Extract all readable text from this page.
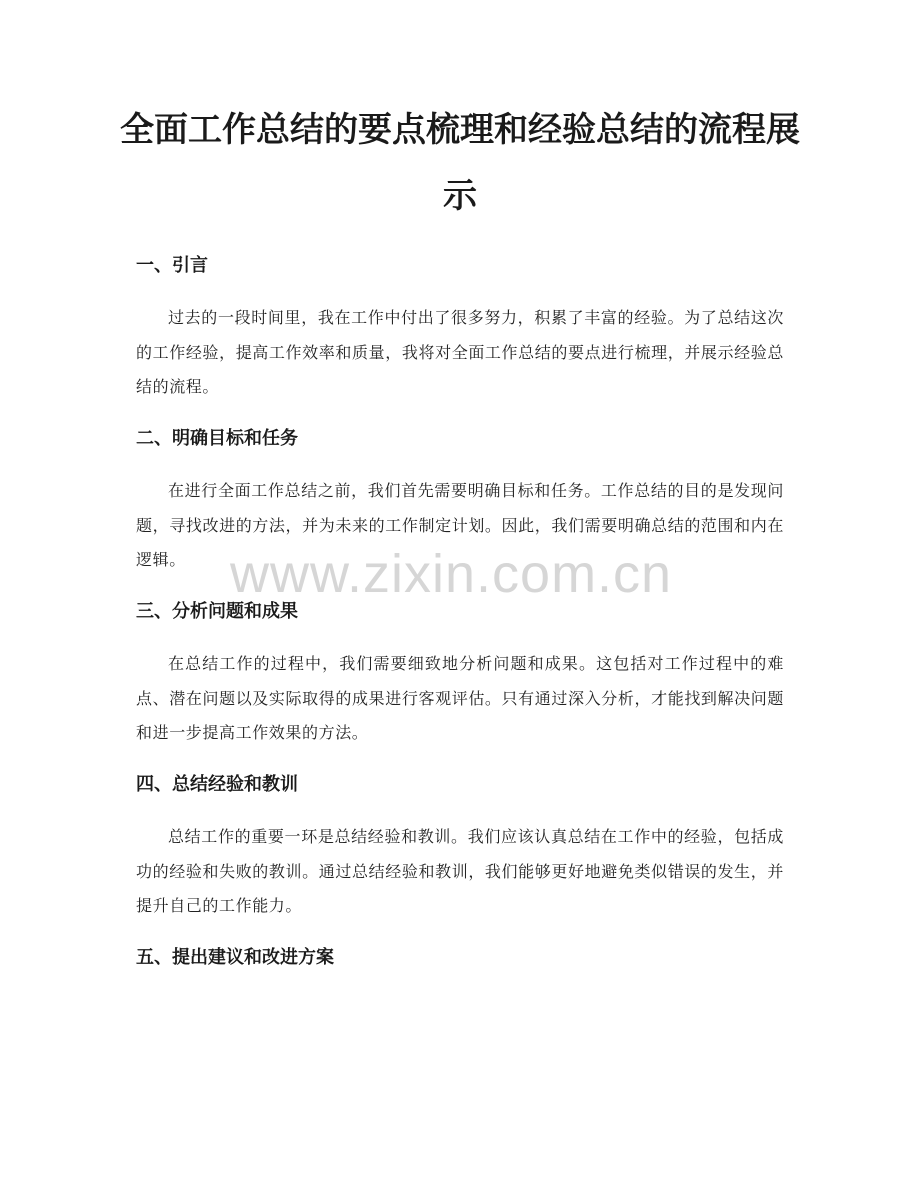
全面工作总结的要点梳理和经验总结的流程展示
www.zixin.com.cn
一、引言

过去的一段时间里，我在工作中付出了很多努力，积累了丰富的经验。为了总结这次的工作经验，提高工作效率和质量，我将对全面工作总结的要点进行梳理，并展示经验总结的流程。

二、明确目标和任务

在进行全面工作总结之前，我们首先需要明确目标和任务。工作总结的目的是发现问题，寻找改进的方法，并为未来的工作制定计划。因此，我们需要明确总结的范围和内在逻辑。

三、分析问题和成果

在总结工作的过程中，我们需要细致地分析问题和成果。这包括对工作过程中的难点、潜在问题以及实际取得的成果进行客观评估。只有通过深入分析，才能找到解决问题和进一步提高工作效果的方法。

四、总结经验和教训

总结工作的重要一环是总结经验和教训。我们应该认真总结在工作中的经验，包括成功的经验和失败的教训。通过总结经验和教训，我们能够更好地避免类似错误的发生，并提升自己的工作能力。

五、提出建议和改进方案
